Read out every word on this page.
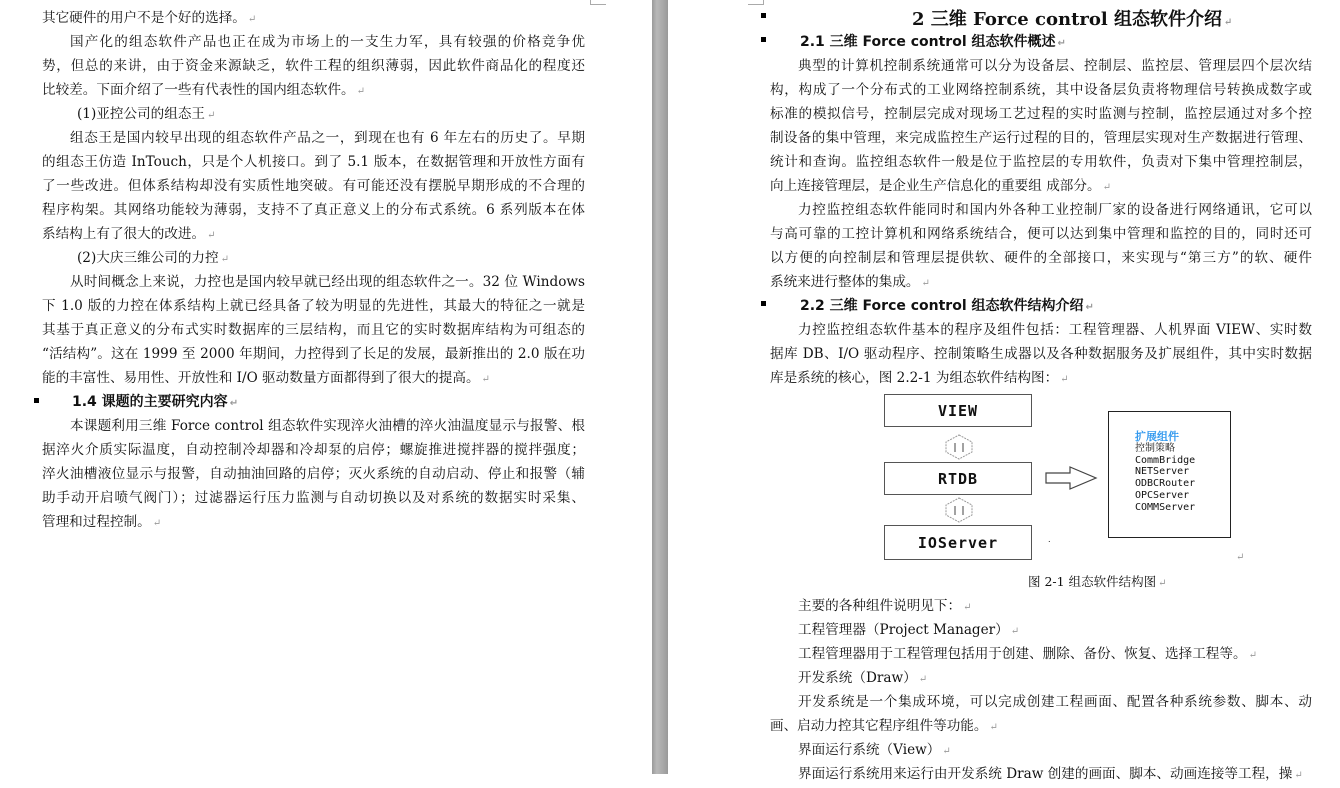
其它硬件的用户不是个好的选择。 ↵
国产化的组态软件产品也正在成为市场上的一支生力军，具有较强的价格竞争优
势，但总的来讲，由于资金来源缺乏，软件工程的组织薄弱，因此软件商品化的程度还
比较差。下面介绍了一些有代表性的国内组态软件。 ↵
(1)亚控公司的组态王 ↵
组态王是国内较早出现的组态软件产品之一，到现在也有 6 年左右的历史了。早期
的组态王仿造 InTouch，只是个人机接口。到了 5.1 版本，在数据管理和开放性方面有
了一些改进。但体系结构却没有实质性地突破。有可能还没有摆脱早期形成的不合理的
程序构架。其网络功能较为薄弱，支持不了真正意义上的分布式系统。6 系列版本在体
系结构上有了很大的改进。 ↵
(2)大庆三维公司的力控 ↵
从时间概念上来说，力控也是国内较早就已经出现的组态软件之一。32 位 Windows
下 1.0 版的力控在体系结构上就已经具备了较为明显的先进性，其最大的特征之一就是
其基于真正意义的分布式实时数据库的三层结构，而且它的实时数据库结构为可组态的
“活结构”。这在 1999 至 2000 年期间，力控得到了长足的发展，最新推出的 2.0 版在功
能的丰富性、易用性、开放性和 I/O 驱动数量方面都得到了很大的提高。 ↵
1.4 课题的主要研究内容 ↵
本课题利用三维 Force control 组态软件实现淬火油槽的淬火油温度显示与报警、根
据淬火介质实际温度，自动控制冷却器和冷却泵的启停；螺旋推进搅拌器的搅拌强度；
淬火油槽液位显示与报警，自动抽油回路的启停；灭火系统的自动启动、停止和报警（辅
助手动开启喷气阀门）；过滤器运行压力监测与自动切换以及对系统的数据实时采集、
管理和过程控制。 ↵
2 三维 Force control 组态软件介绍 ↵
2.1 三维 Force control 组态软件概述 ↵
典型的计算机控制系统通常可以分为设备层、控制层、监控层、管理层四个层次结
构，构成了一个分布式的工业网络控制系统，其中设备层负责将物理信号转换成数字或
标准的模拟信号，控制层完成对现场工艺过程的实时监测与控制，监控层通过对多个控
制设备的集中管理，来完成监控生产运行过程的目的，管理层实现对生产数据进行管理、
统计和查询。监控组态软件一般是位于监控层的专用软件，负责对下集中管理控制层，
向上连接管理层，是企业生产信息化的重要组 成部分。 ↵
力控监控组态软件能同时和国内外各种工业控制厂家的设备进行网络通讯，它可以
与高可靠的工控计算机和网络系统结合，便可以达到集中管理和监控的目的，同时还可
以方便的向控制层和管理层提供软、硬件的全部接口，来实现与“第三方”的软、硬件
系统来进行整体的集成。 ↵
2.2 三维 Force control 组态软件结构介绍 ↵
力控监控组态软件基本的程序及组件包括：工程管理器、人机界面 VIEW、实时数
据库 DB、I/O 驱动程序、控制策略生成器以及各种数据服务及扩展组件，其中实时数据
库是系统的核心，图 2.2-1 为组态软件结构图： ↵
VIEW
RTDB
IOServer
扩展组件
控制策略
CommBridge
NETServer
ODBCRouter
OPCServer
COMMServer
.
↵
图 2-1 组态软件结构图 ↵
主要的各种组件说明见下： ↵
工程管理器（Project Manager） ↵
工程管理器用于工程管理包括用于创建、删除、备份、恢复、选择工程等。 ↵
开发系统（Draw） ↵
开发系统是一个集成环境，可以完成创建工程画面、配置各种系统参数、脚本、动
画、启动力控其它程序组件等功能。 ↵
界面运行系统（View） ↵
界面运行系统用来运行由开发系统 Draw 创建的画面、脚本、动画连接等工程，操 ↵
